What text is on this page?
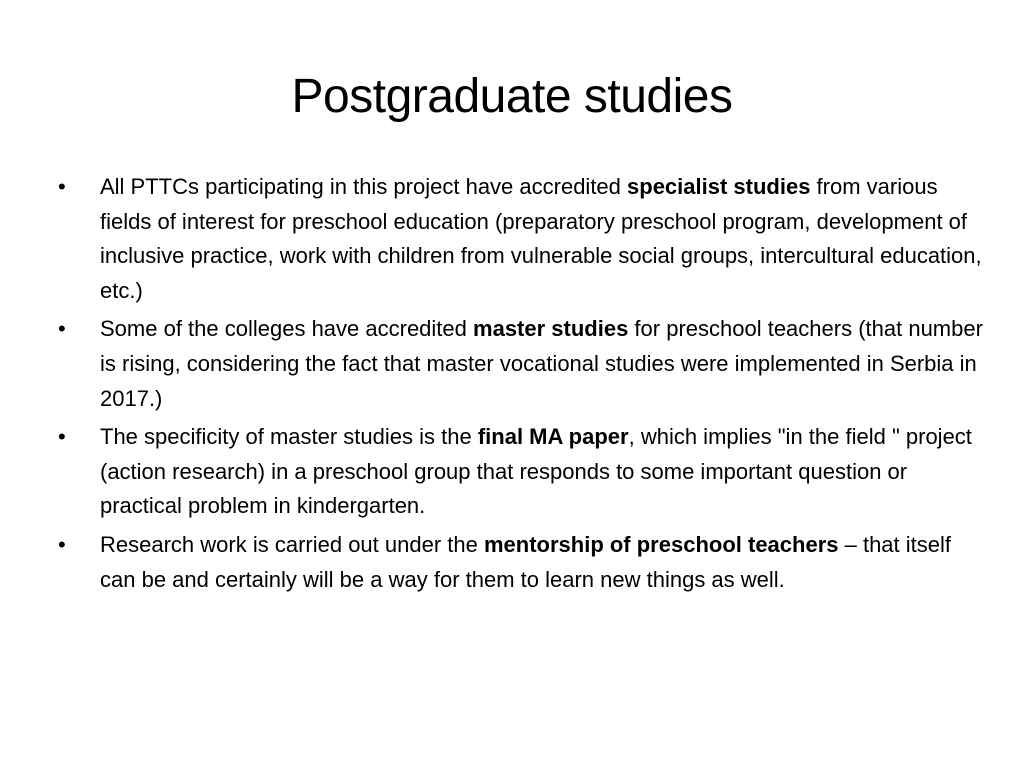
Postgraduate studies
•	All PTTCs participating in this project have accredited specialist studies from various fields of interest for preschool education (preparatory preschool program, development of inclusive practice, work with children from vulnerable social groups, intercultural education, etc.)
•	Some of the colleges have accredited master studies for preschool teachers (that number is rising, considering the fact that master vocational studies were implemented in Serbia in 2017.)
•	The specificity of master studies is the final MA paper, which implies "in the field " project (action research) in a preschool group that responds to some important question or practical problem in kindergarten.
•	Research work is carried out under the mentorship of preschool teachers – that itself can be and certainly will be a way for them to learn new things as well.
